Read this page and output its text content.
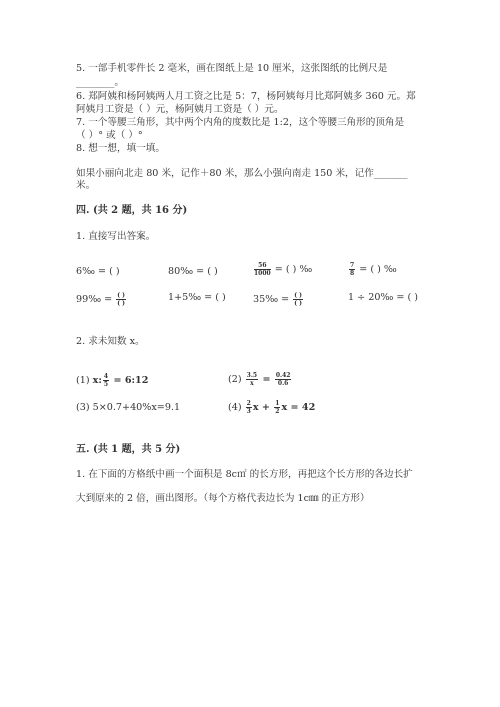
5. 一部手机零件长 2 毫米，画在图纸上是 10 厘米，这张图纸的比例尺是
________。
6. 郑阿姨和杨阿姨两人月工资之比是 5：7，杨阿姨每月比郑阿姨多 360 元。郑
阿姨月工资是（ ）元，杨阿姨月工资是（ ）元。
7. 一个等腰三角形，其中两个内角的度数比是 1:2，这个等腰三角形的顶角是
（ ）° 或（ ）°
8. 想一想，填一填。
如果小丽向北走 80 米，记作＋80 米，那么小强向南走 150 米，记作_______
米。
四. (共 2 题，共 16 分)
1. 直接写出答案。
6‰ = ( )	80‰ = ( )	$\frac{56}{1000}$ = ( ) ‰	$\frac{7}{8}$ = ( ) ‰
99‰ = $\frac{( )}{( )}$	1+5‰ = ( )	35‰ = $\frac{( )}{( )}$	1 ÷ 20‰ = ( )
2. 求未知数 x。
(1) x: $\frac{4}{5}$ = 6:12	$(2) \frac{3.5}{x} = \frac{0.42}{0.6}$
(3) 5×0.7+40%x=9.1	$(4) \frac{2}{3}$ $x + \frac{1}{2}$ x = 42
五. (共 1 题，共 5 分)
1. 在下面的方格纸中画一个面积是 8c㎡ 的长方形，再把这个长方形的各边长扩
大到原来的 2 倍，画出图形。（每个方格代表边长为 1c㎜ 的正方形）
